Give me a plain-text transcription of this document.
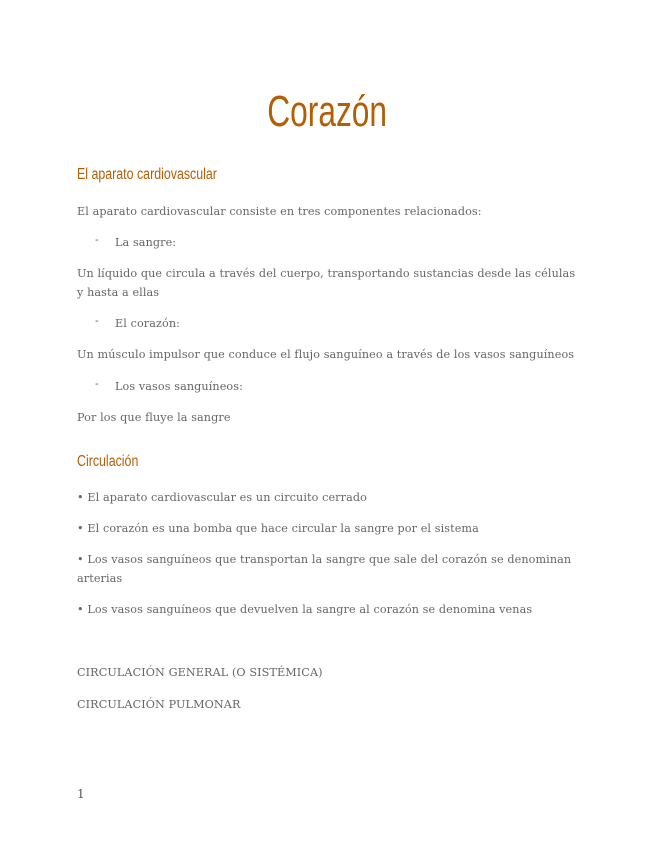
Corazón
El aparato cardiovascular
El aparato cardiovascular consiste en tres componentes relacionados:
- La sangre:
Un líquido que circula a través del cuerpo, transportando sustancias desde las células y hasta a ellas
- El corazón:
Un músculo impulsor que conduce el flujo sanguíneo a través de los vasos sanguíneos
- Los vasos sanguíneos:
Por los que fluye la sangre
Circulación
• El aparato cardiovascular es un circuito cerrado
• El corazón es una bomba que hace circular la sangre por el sistema
• Los vasos sanguíneos que transportan la sangre que sale del corazón se denominan arterias
• Los vasos sanguíneos que devuelven la sangre al corazón se denomina venas
CIRCULACIÓN GENERAL (O SISTÉMICA)
CIRCULACIÓN PULMONAR
1
